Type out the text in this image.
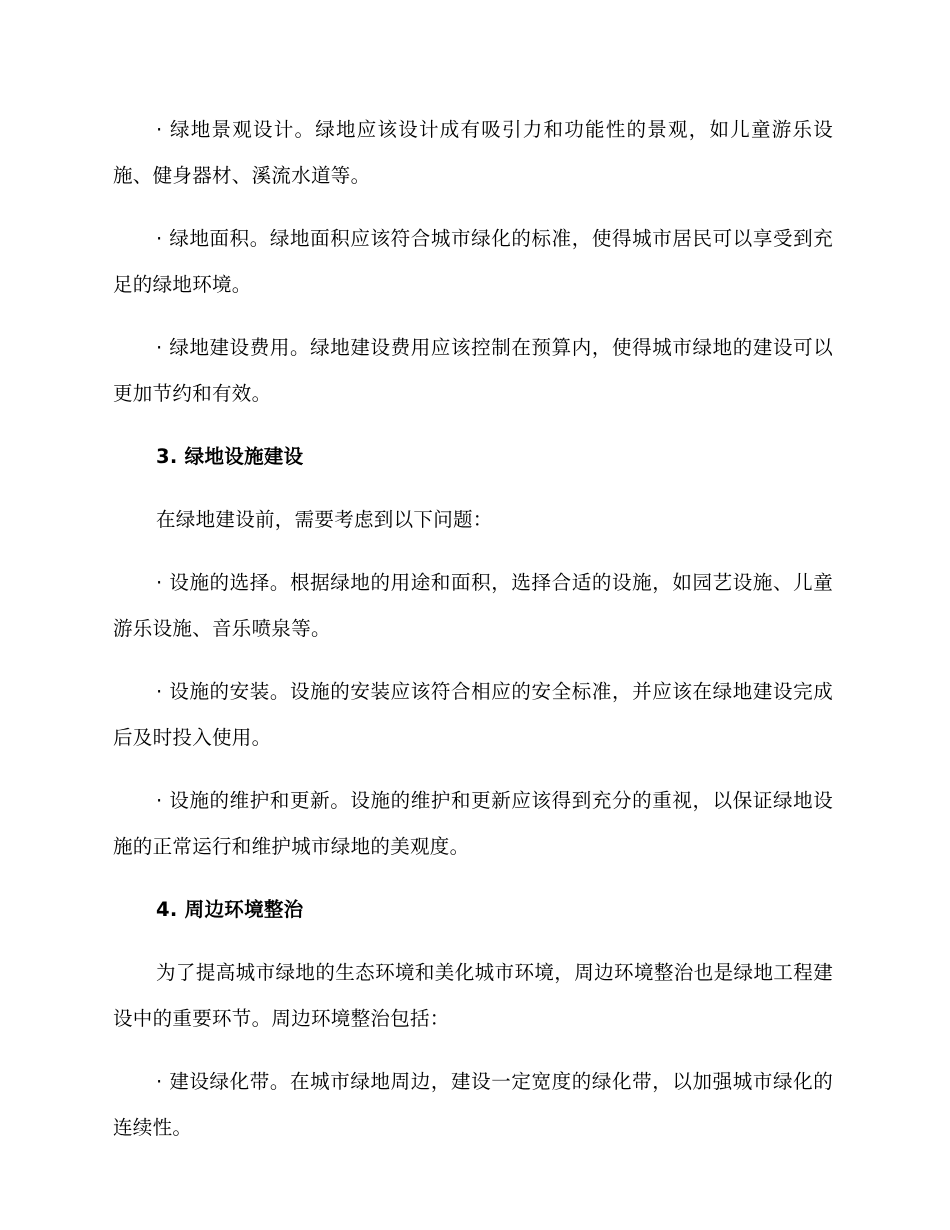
· 绿地景观设计。绿地应该设计成有吸引力和功能性的景观，如儿童游乐设施、健身器材、溪流水道等。

· 绿地面积。绿地面积应该符合城市绿化的标准，使得城市居民可以享受到充足的绿地环境。

· 绿地建设费用。绿地建设费用应该控制在预算内，使得城市绿地的建设可以更加节约和有效。

3. 绿地设施建设

在绿地建设前，需要考虑到以下问题：

· 设施的选择。根据绿地的用途和面积，选择合适的设施，如园艺设施、儿童游乐设施、音乐喷泉等。

· 设施的安装。设施的安装应该符合相应的安全标准，并应该在绿地建设完成后及时投入使用。

· 设施的维护和更新。设施的维护和更新应该得到充分的重视，以保证绿地设施的正常运行和维护城市绿地的美观度。

4. 周边环境整治

为了提高城市绿地的生态环境和美化城市环境，周边环境整治也是绿地工程建设中的重要环节。周边环境整治包括：

· 建设绿化带。在城市绿地周边，建设一定宽度的绿化带，以加强城市绿化的连续性。
